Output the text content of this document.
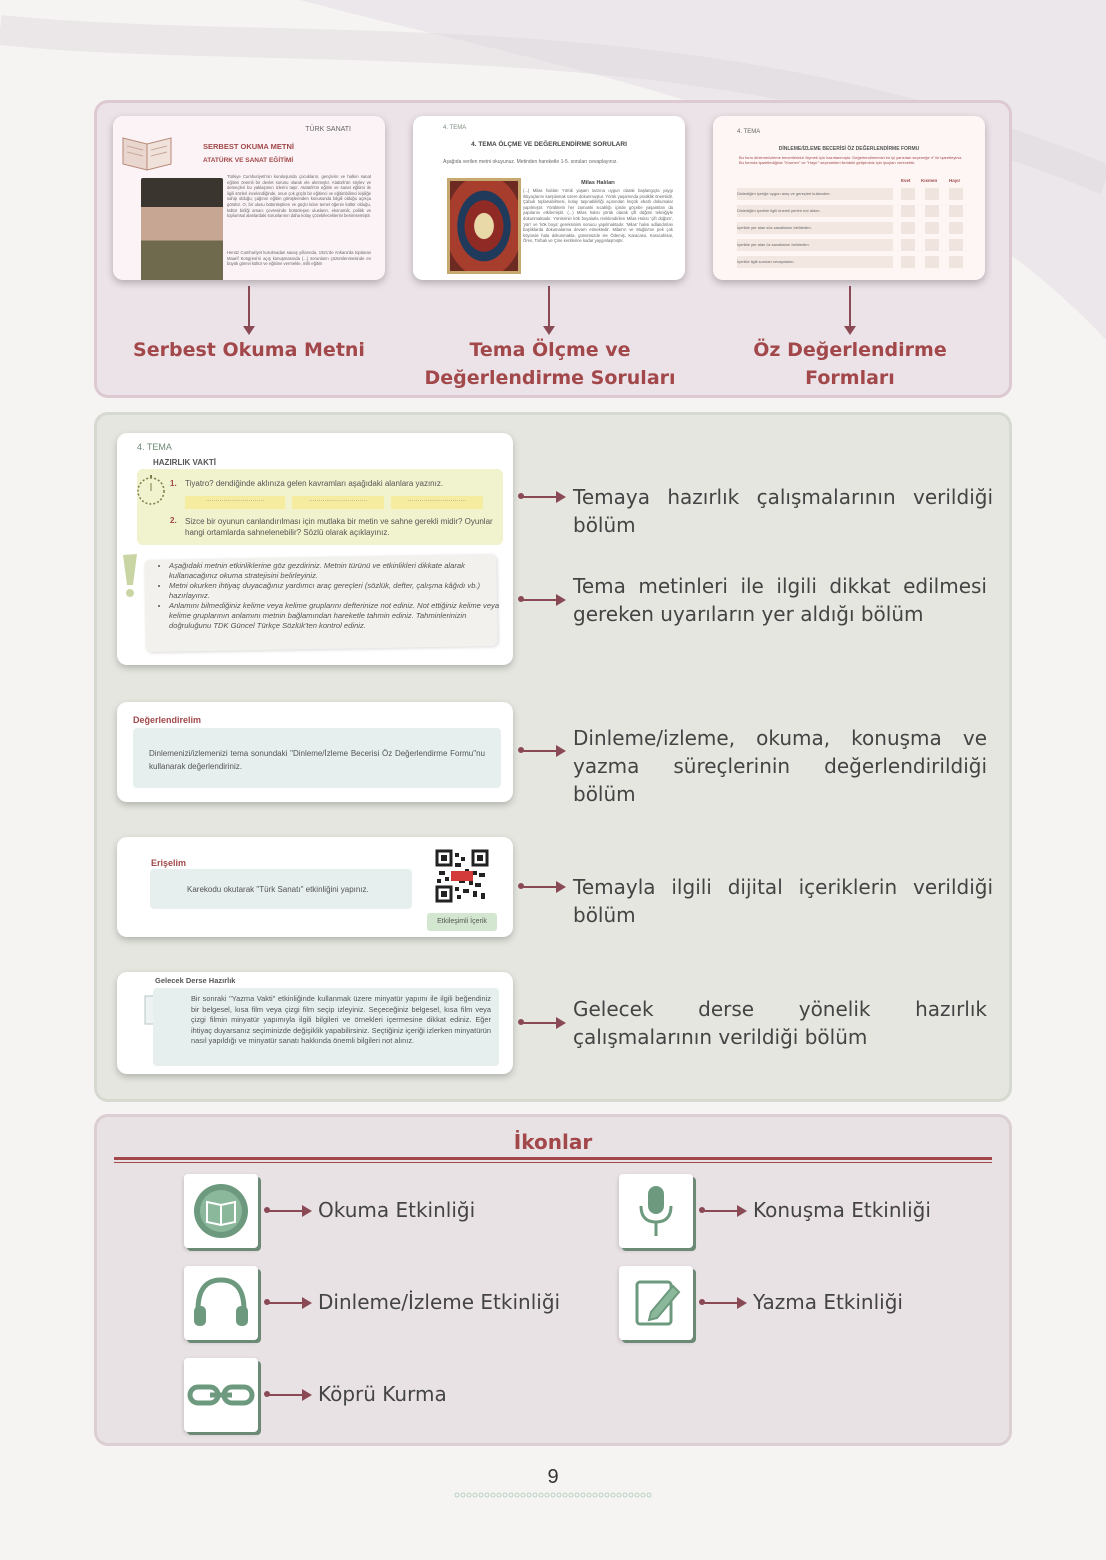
TÜRK SANATI
SERBEST OKUMA METNİ
ATATÜRK VE SANAT EĞİTİMİ
Türkiye Cumhuriyeti'nin kuruluşunda çocukların, gençlerin ve halkın sanat eğitimi önemli bir devlet sorunu olarak ele alınmıştır. Atatürk'ün söylev ve demeçleri bu yaklaşımın izlerini taşır. Atatürk'ün eğitim ve sanat eğitimi ile ilgili sözleri incelendiğinde, onun çok güçlü bir eğitimci ve eğitimbilimci kişiliğe sahip olduğu; çağının eğitim görüşlerinden konusunda bilgili olduğu açıkça görülür. O, bir ulusu bütünleştiren ve güçlü kılan temel öğenin kültür olduğu, kültür birliği amacı çevresinde bütünleşen ulusların, ekonomik, politik ve toplumsal alanlardaki sorunlarının daha kolay çözebileceklerini benimsemiştir.
Henüz Cumhuriyet kurulmadan savaş yıllarında, 1921'de Ankara'da toplanan Maarif Kongresi'ni açış konuşmasında (...) sorunların çözümlenmesinde en büyük görevi kültür ve eğitime vermekle, milli eğitim
4. TEMA
4. TEMA ÖLÇME VE DEĞERLENDİRME SORULARI
Aşağıda verilen metni okuyunuz. Metinden hareketle 1-5. soruları cevaplayınız.
Milas Halıları
(...) Milas halıları Yörük yaşam tarzına uygun olarak başlangıçta yaygı ihtiyaçlarını karşılamak üzere dokunmuştur. Yörük yaşamında pratiklik önemlidir. Çabuk toplanabilmesi, kolay taşınabilirliği açısından küçük ebatlı dokumalar yapılmıştır. Yörüklerin her zamanki sıcaklığı içinde göçebe yaşantıları da yapılarını etkilemiştir. (...) Milas halısı yörük olarak çift düğüm tekniğiyle dokunmaktadır. Yünlerinin kök boyalarla renklendirilen Milas Halısı 'çift düğüm', 'yün' ve 'kök boya' gereksinimi sonucu yapılmaktadır. 'Milas' halısı adlandırılan başlıklarda dokumalarına devam etmektedir. Milas'ın ve Muğla'nın pek çok köyünde hala dokunmakta, günümüzde ise Ödemiş, Karacasu, Karacahisar, Ören, Torbalı ve Çine kentlerine kadar yaygınlaşmıştır.
4. TEMA
DİNLEME/İZLEME BECERİSİ ÖZ DEĞERLENDİRME FORMU
Bu form dinleme/izleme becerilerinizi ölçmek için hazırlanmıştır. Değerlendirmenizi en iyi yansıtan seçeneğe ✔ ile işaretleyiniz. Bu formda işaretlediğiniz "Kısmen" ve "Hayır" seçenekleri ilerideki gelişiminiz için ipuçları verecektir.
Evet Kısmen	Hayır
Dinlediğim içeriğe uygun araç ve gereçleri kullandım.
Dinlediğim içerikle ilgili önemli yerleri not aldım.
İçerikte yer alan söz sanatlarını belirledim.
İçerikte yer alan öz sanatlarını belirledim.
İçerikle ilgili soruları cevapladım.
Serbest Okuma Metni	Tema Ölçme ve Değerlendirme Soruları
Öz Değerlendirme Formları
4. TEMA
HAZIRLIK VAKTİ
1. Tiyatro? dendiğinde aklınıza gelen kavramları aşağıdaki alanlara yazınız.
..............................	..............................	..............................
2. Sizce bir oyunun canlandırılması için mutlaka bir metin ve sahne gerekli midir? Oyunlar hangi ortamlarda sahnelenebilir? Sözlü olarak açıklayınız.
• Aşağıdaki metnin etkinliklerine göz gezdiriniz. Metnin türünü ve etkinlikleri dikkate alarak kullanacağınız okuma stratejisini belirleyiniz.
• Metni okurken ihtiyaç duyacağınız yardımcı araç gereçleri (sözlük, defter, çalışma kâğıdı vb.) hazırlayınız.
• Anlamını bilmediğiniz kelime veya kelime gruplarını defterinize not ediniz. Not ettiğiniz kelime veya kelime gruplarının anlamını metnin bağlamından hareketle tahmin ediniz. Tahminlerinizin doğruluğunu TDK Güncel Türkçe Sözlük'ten kontrol ediniz.
Değerlendirelim
Dinlemenizi/izlemenizi tema sonundaki "Dinleme/İzleme Becerisi Öz Değerlendirme Formu"nu kullanarak değerlendiriniz.
Erişelim
Karekodu okutarak "Türk Sanatı" etkinliğini yapınız.
Etkileşimli İçerik
Gelecek Derse Hazırlık
Bir sonraki "Yazma Vakti" etkinliğinde kullanmak üzere minyatür yapımı ile ilgili beğendiniz bir belgesel, kısa film veya çizgi film seçip izleyiniz. Seçeceğiniz belgesel, kısa film veya çizgi filmin minyatür yapımıyla ilgili bilgileri ve örnekleri içermesine dikkat ediniz. Eğer ihtiyaç duyarsanız seçiminizde değişiklik yapabilirsiniz. Seçtiğiniz içeriği izlerken minyatürün nasıl yapıldığı ve minyatür sanatı hakkında önemli bilgileri not alınız.
Temaya hazırlık çalışmalarının verildiği bölüm
Tema metinleri ile ilgili dikkat edilmesi gereken uyarıların yer aldığı bölüm
Dinleme/izleme, okuma, konuşma ve yazma süreçlerinin değerlendirildiği bölüm
Temayla ilgili dijital içeriklerin verildiği bölüm
Gelecek derse yönelik hazırlık çalışmalarının verildiği bölüm
İkonlar
Okuma Etkinliği	Konuşma Etkinliği
Dinleme/İzleme Etkinliği	Yazma Etkinliği
Köprü Kurma
9
